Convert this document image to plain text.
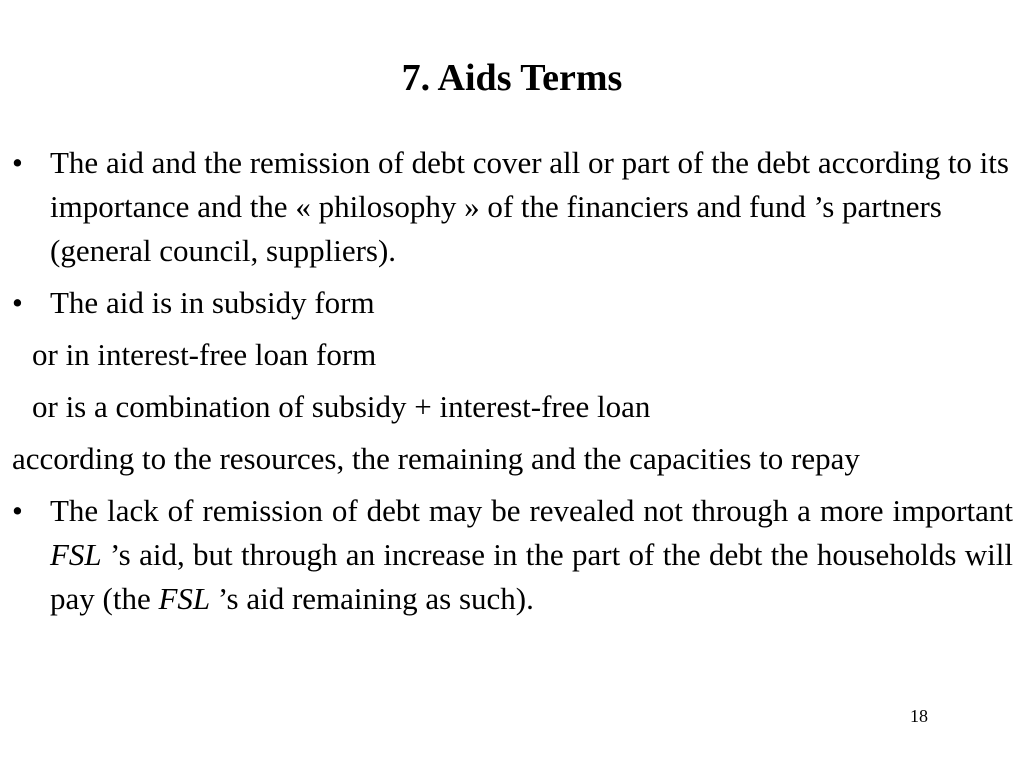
7. Aids Terms
• The aid and the remission of debt cover all or part of the debt according to its importance and the « philosophy » of the financiers and fund ’s partners (general council, suppliers).
• The aid is in subsidy form
or in interest-free loan form
or is a combination of subsidy + interest-free loan
according to the resources, the remaining and the capacities to repay
• The lack of remission of debt may be revealed not through a more important FSL ’s aid, but through an increase in the part of the debt the households will pay (the FSL ’s aid remaining as such).
18
